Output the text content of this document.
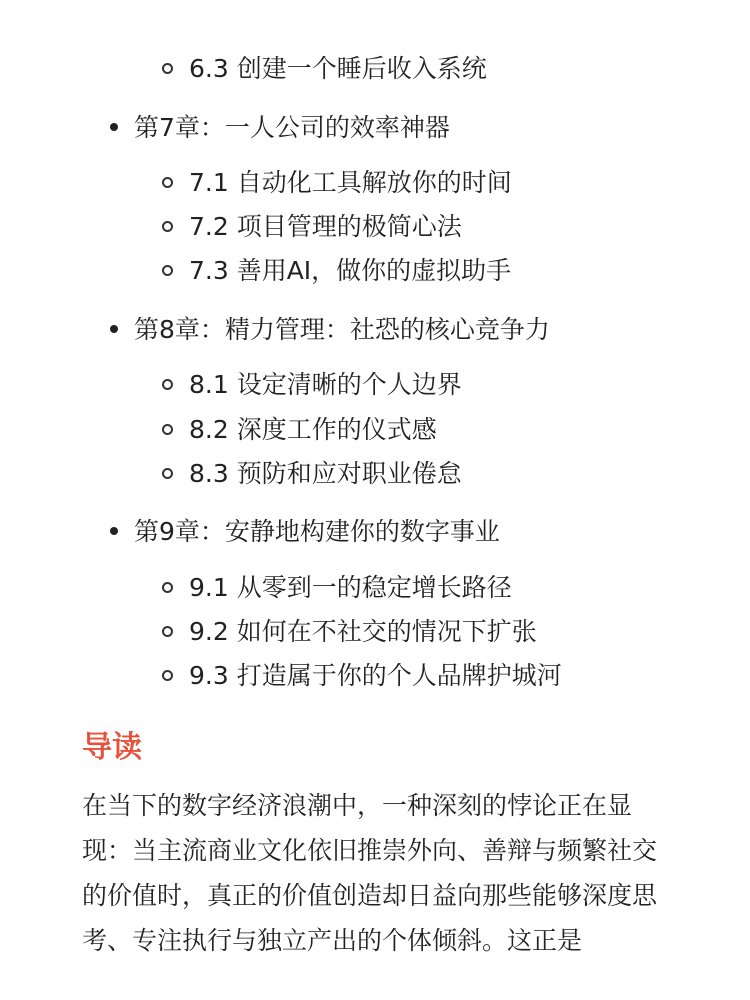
6.3 创建一个睡后收入系统
第7章：一人公司的效率神器
7.1 自动化工具解放你的时间
7.2 项目管理的极简心法
7.3 善用AI，做你的虚拟助手
第8章：精力管理：社恐的核心竞争力
8.1 设定清晰的个人边界
8.2 深度工作的仪式感
8.3 预防和应对职业倦怠
第9章：安静地构建你的数字事业
9.1 从零到一的稳定增长路径
9.2 如何在不社交的情况下扩张
9.3 打造属于你的个人品牌护城河
导读
在当下的数字经济浪潮中，一种深刻的悖论正在显现：当主流商业文化依旧推崇外向、善辩与频繁社交的价值时，真正的价值创造却日益向那些能够深度思考、专注执行与独立产出的个体倾斜。这正是
